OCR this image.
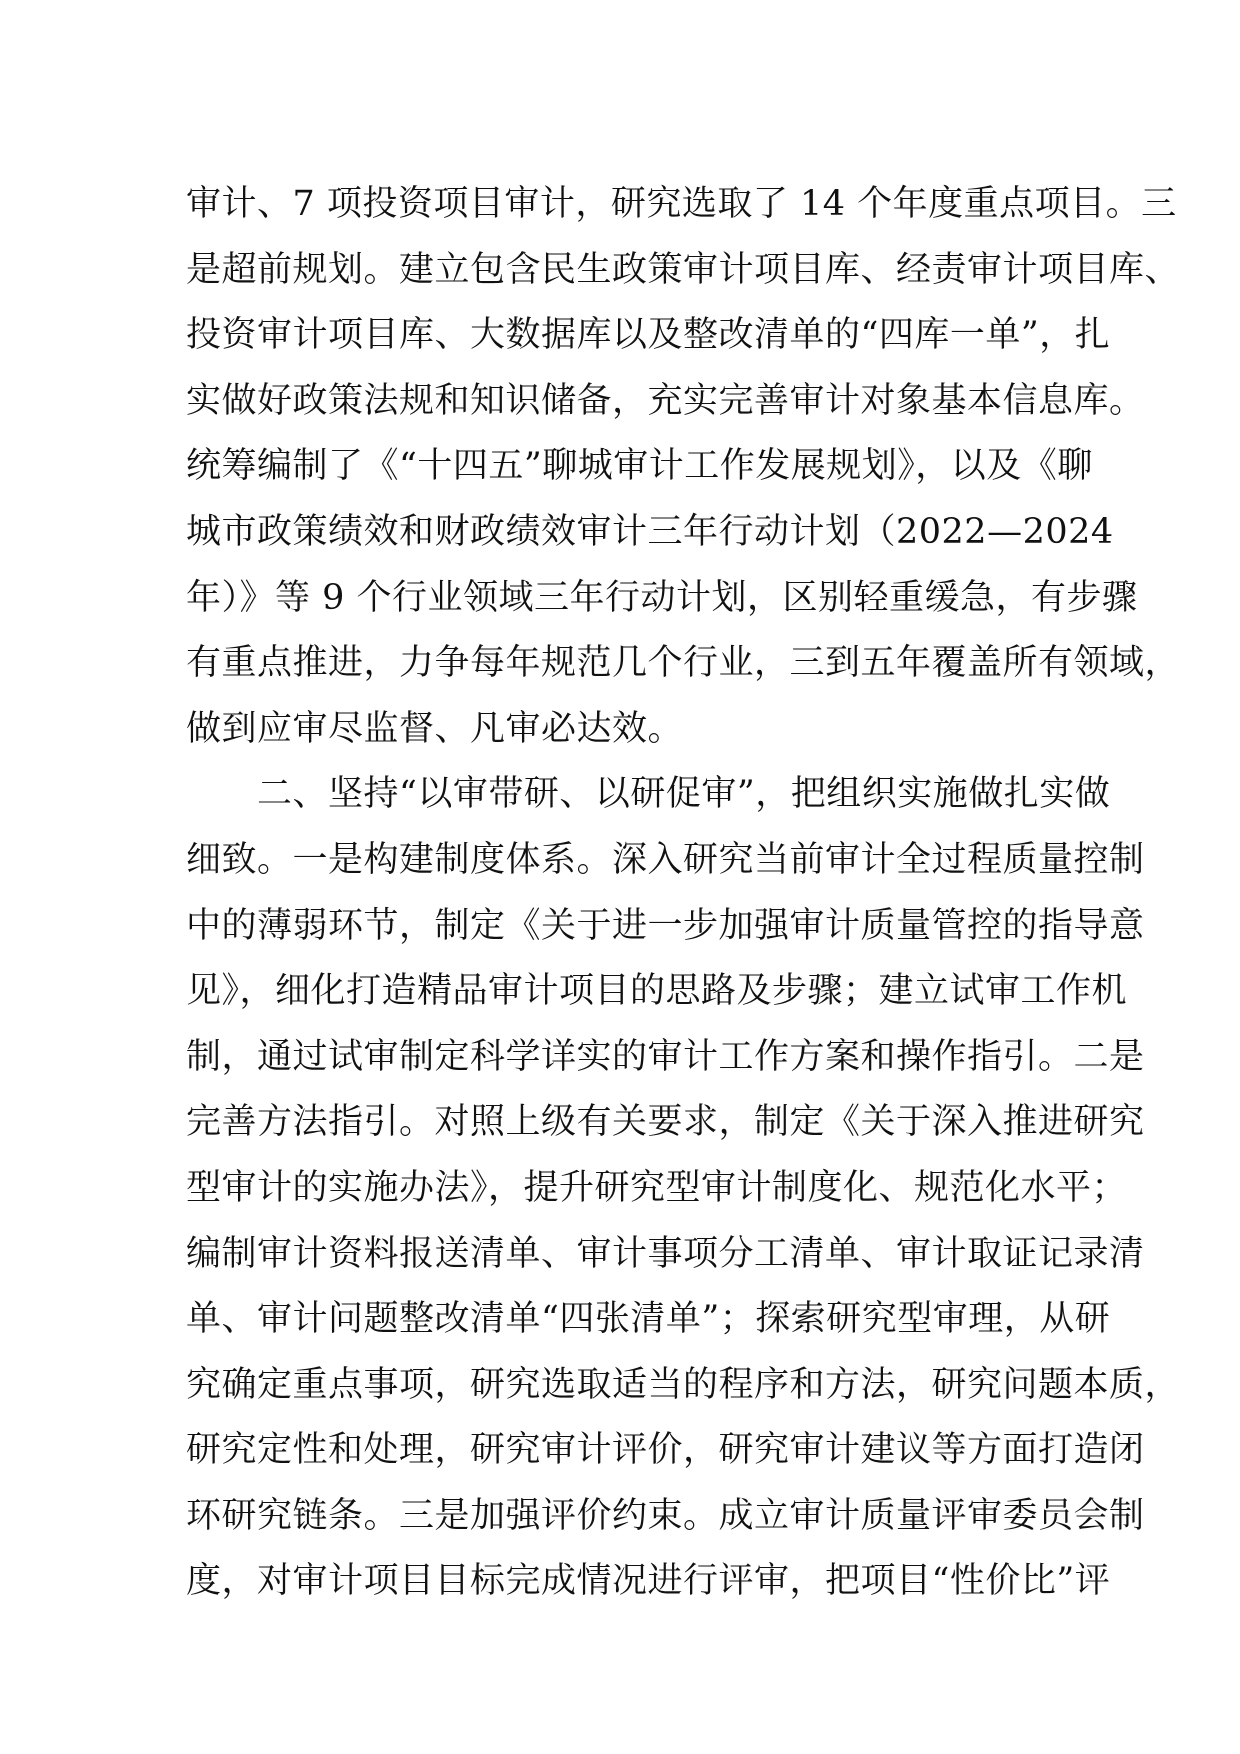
审计、7 项投资项目审计，研究选取了 14 个年度重点项目。三
是超前规划。建立包含民生政策审计项目库、经责审计项目库、
投资审计项目库、大数据库以及整改清单的“四库一单”，扎
实做好政策法规和知识储备，充实完善审计对象基本信息库。
统筹编制了《“十四五”聊城审计工作发展规划》，以及《聊
城市政策绩效和财政绩效审计三年行动计划（2022—2024
年）》等 9 个行业领域三年行动计划，区别轻重缓急，有步骤
有重点推进，力争每年规范几个行业，三到五年覆盖所有领域，
做到应审尽监督、凡审必达效。
　　二、坚持“以审带研、以研促审”，把组织实施做扎实做
细致。一是构建制度体系。深入研究当前审计全过程质量控制
中的薄弱环节，制定《关于进一步加强审计质量管控的指导意
见》，细化打造精品审计项目的思路及步骤；建立试审工作机
制，通过试审制定科学详实的审计工作方案和操作指引。二是
完善方法指引。对照上级有关要求，制定《关于深入推进研究
型审计的实施办法》，提升研究型审计制度化、规范化水平；
编制审计资料报送清单、审计事项分工清单、审计取证记录清
单、审计问题整改清单“四张清单”；探索研究型审理，从研
究确定重点事项，研究选取适当的程序和方法，研究问题本质，
研究定性和处理，研究审计评价，研究审计建议等方面打造闭
环研究链条。三是加强评价约束。成立审计质量评审委员会制
度，对审计项目目标完成情况进行评审，把项目“性价比”评
